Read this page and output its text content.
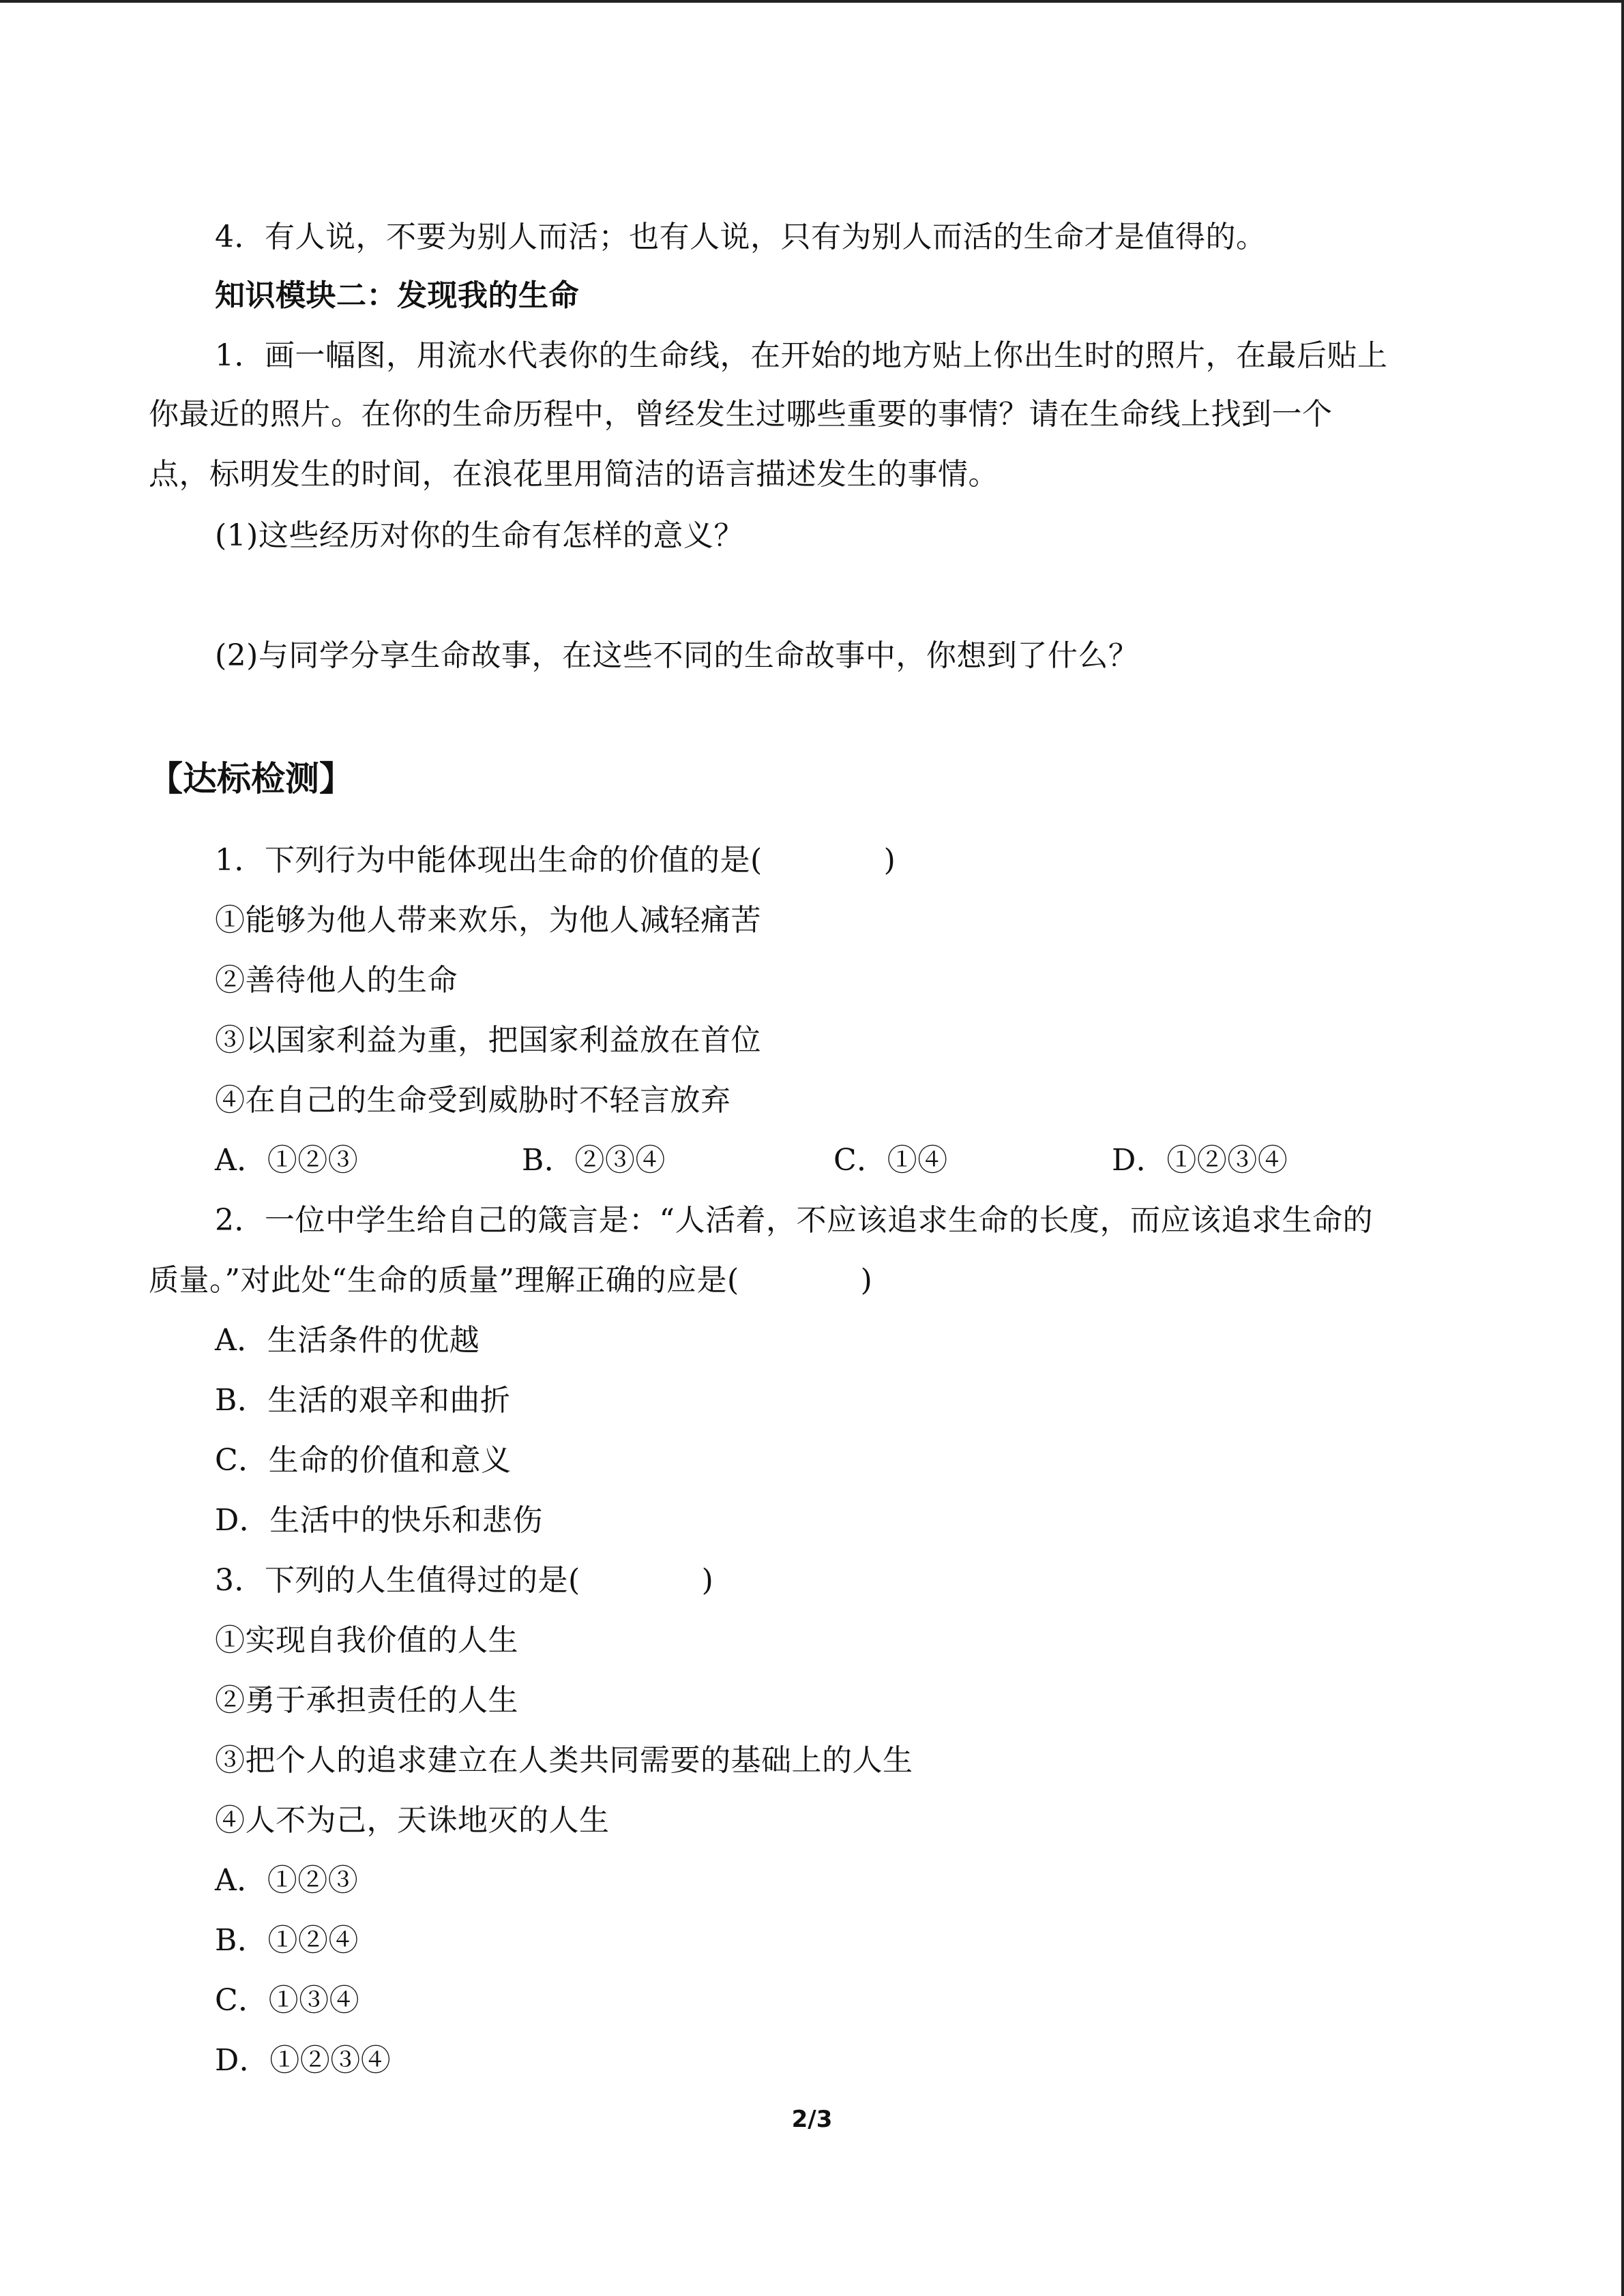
4．有人说，不要为别人而活；也有人说，只有为别人而活的生命才是值得的。
知识模块二：发现我的生命
1．画一幅图，用流水代表你的生命线，在开始的地方贴上你出生时的照片，在最后贴上
你最近的照片。在你的生命历程中，曾经发生过哪些重要的事情？请在生命线上找到一个
点，标明发生的时间，在浪花里用简洁的语言描述发生的事情。
(1)这些经历对你的生命有怎样的意义？
(2)与同学分享生命故事，在这些不同的生命故事中，你想到了什么？
【达标检测】
1．下列行为中能体现出生命的价值的是(　　　　)
①能够为他人带来欢乐，为他人减轻痛苦
②善待他人的生命
③以国家利益为重，把国家利益放在首位
④在自己的生命受到威胁时不轻言放弃
A．①②③	B．②③④	C．①④	D．①②③④
2．一位中学生给自己的箴言是：“人活着，不应该追求生命的长度，而应该追求生命的
质量。”对此处“生命的质量”理解正确的应是(　　　　)
A．生活条件的优越
B．生活的艰辛和曲折
C．生命的价值和意义
D．生活中的快乐和悲伤
3．下列的人生值得过的是(　　　　)
①实现自我价值的人生
②勇于承担责任的人生
③把个人的追求建立在人类共同需要的基础上的人生
④人不为己，天诛地灭的人生
A．①②③
B．①②④
C．①③④
D．①②③④
2/3
